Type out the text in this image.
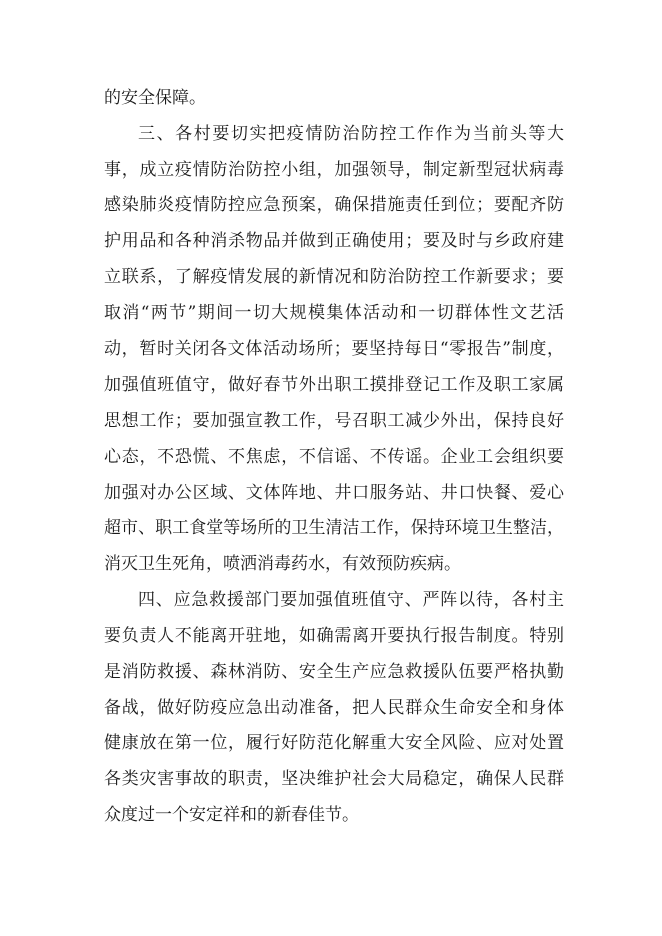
的安全保障。
三、各村要切实把疫情防治防控工作作为当前头等大
事，成立疫情防治防控小组，加强领导，制定新型冠状病毒
感染肺炎疫情防控应急预案，确保措施责任到位；要配齐防
护用品和各种消杀物品并做到正确使用；要及时与乡政府建
立联系，了解疫情发展的新情况和防治防控工作新要求；要
取消“两节”期间一切大规模集体活动和一切群体性文艺活
动，暂时关闭各文体活动场所；要坚持每日“零报告”制度，
加强值班值守，做好春节外出职工摸排登记工作及职工家属
思想工作；要加强宣教工作，号召职工减少外出，保持良好
心态，不恐慌、不焦虑，不信谣、不传谣。企业工会组织要
加强对办公区域、文体阵地、井口服务站、井口快餐、爱心
超市、职工食堂等场所的卫生清洁工作，保持环境卫生整洁，
消灭卫生死角，喷洒消毒药水，有效预防疾病。
四、应急救援部门要加强值班值守、严阵以待，各村主
要负责人不能离开驻地，如确需离开要执行报告制度。特别
是消防救援、森林消防、安全生产应急救援队伍要严格执勤
备战，做好防疫应急出动准备，把人民群众生命安全和身体
健康放在第一位，履行好防范化解重大安全风险、应对处置
各类灾害事故的职责，坚决维护社会大局稳定，确保人民群
众度过一个安定祥和的新春佳节。
